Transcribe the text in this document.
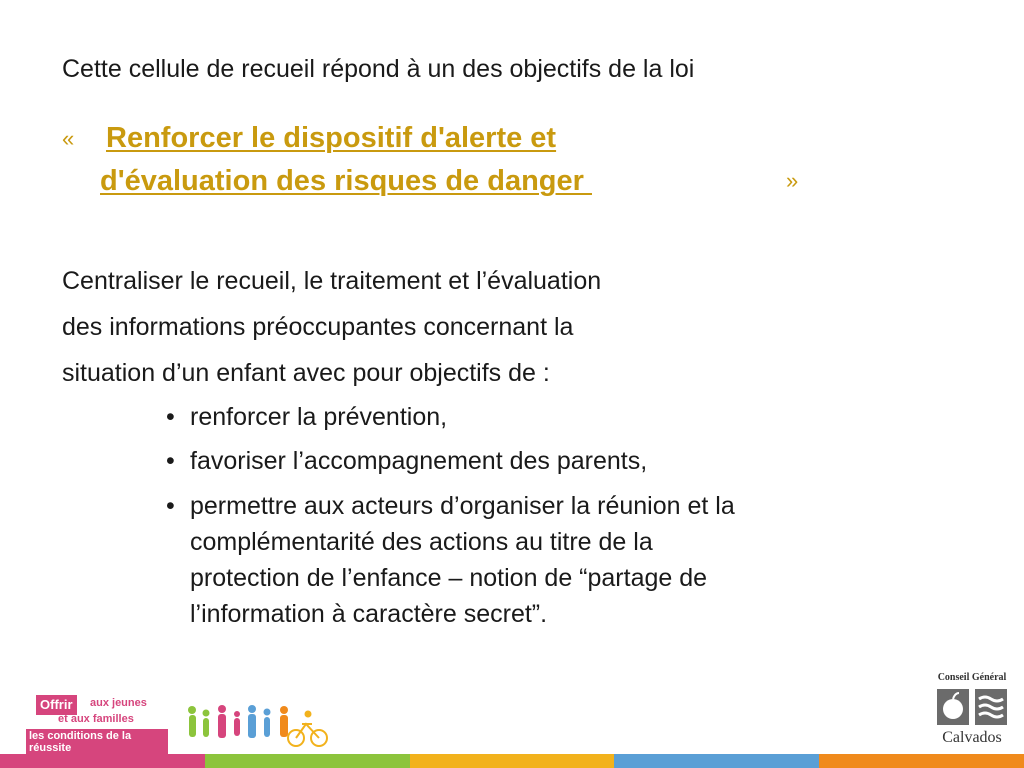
Cette cellule de recueil répond à un des objectifs de la loi

« Renforcer le dispositif d'alerte et

d'évaluation des risques de danger	»

Centraliser le recueil, le traitement et l’évaluation

des informations préoccupantes concernant la

situation d’un enfant avec pour objectifs de :

• renforcer la prévention,
• favoriser l’accompagnement des parents,
• permettre aux acteurs d’organiser la réunion et la
complémentarité des actions au titre de la
protection de l’enfance – notion de “partage de
l’information à caractère secret”.
Offrir	aux jeunes
et aux familles
les conditions de la réussite
Conseil Général
Calvados
